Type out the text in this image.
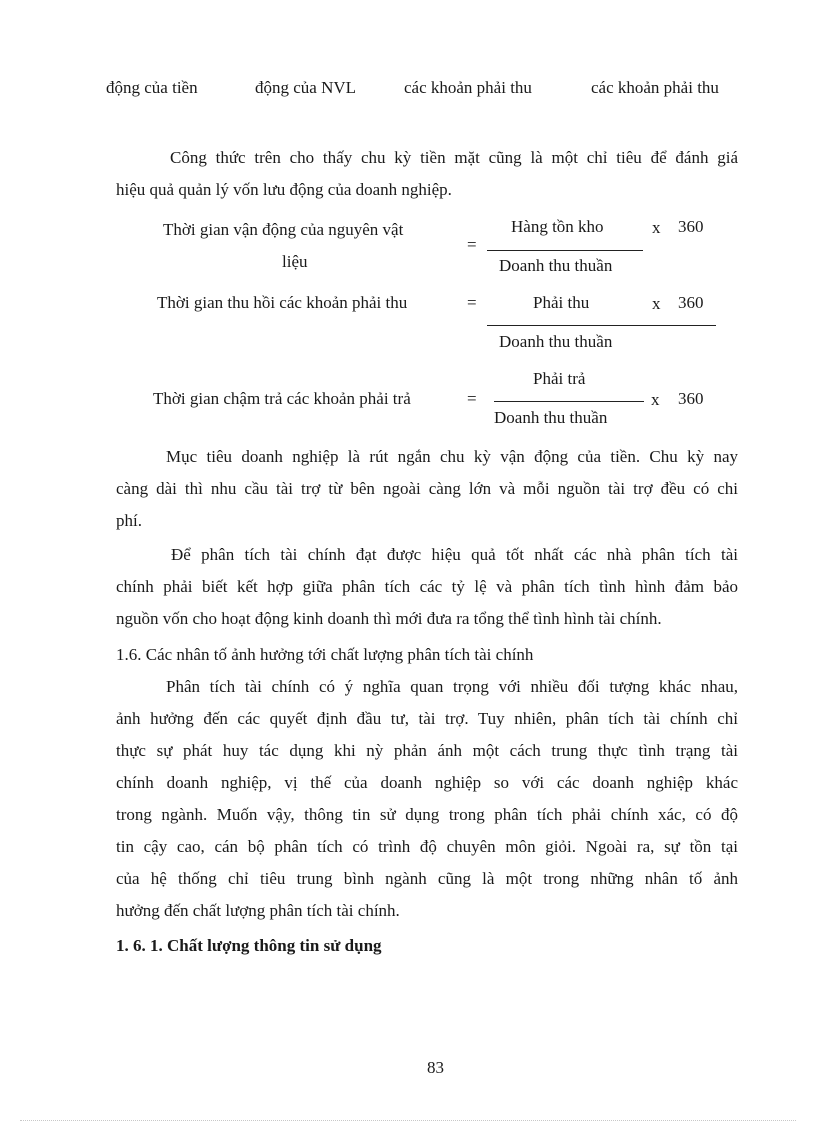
động của tiền	động của NVL	các khoản phải thu	các khoản phải thu
Công thức trên cho thấy chu kỳ tiền mặt cũng là một chỉ tiêu để đánh giá
hiệu quả quản lý vốn lưu động của doanh nghiệp.
Thời gian vận động của nguyên vật
liệu
=
Hàng tồn kho
Doanh thu thuần
x 360
Thời gian thu hồi các khoản phải thu	=	Phải thu
Doanh thu thuần
x 360
Thời gian chậm trả các khoản phải trả	=
Phải trả
Doanh thu thuần
x 360
Mục tiêu doanh nghiệp là rút ngắn chu kỳ vận động của tiền. Chu kỳ nay
càng dài thì nhu cầu tài trợ từ bên ngoài càng lớn và mỗi nguồn tài trợ đều có chi
phí.
Để phân tích tài chính đạt được hiệu quả tốt nhất các nhà phân tích tài
chính phải biết kết hợp giữa phân tích các tỷ lệ và phân tích tình hình đảm bảo
nguồn vốn cho hoạt động kinh doanh thì mới đưa ra tổng thể tình hình tài chính.
1.6. Các nhân tố ảnh hưởng tới chất lượng phân tích tài chính
Phân tích tài chính có ý nghĩa quan trọng với nhiều đối tượng khác nhau,
ảnh hưởng đến các quyết định đầu tư, tài trợ. Tuy nhiên, phân tích tài chính chỉ
thực sự phát huy tác dụng khi nỳ phản ánh một cách trung thực tình trạng tài
chính doanh nghiệp, vị thế của doanh nghiệp so với các doanh nghiệp khác
trong ngành. Muốn vậy, thông tin sử dụng trong phân tích phải chính xác, có độ
tin cậy cao, cán bộ phân tích có trình độ chuyên môn giỏi. Ngoài ra, sự tồn tại
của hệ thống chỉ tiêu trung bình ngành cũng là một trong những nhân tố ảnh
hưởng đến chất lượng phân tích tài chính.
1. 6. 1. Chất lượng thông tin sử dụng
83
